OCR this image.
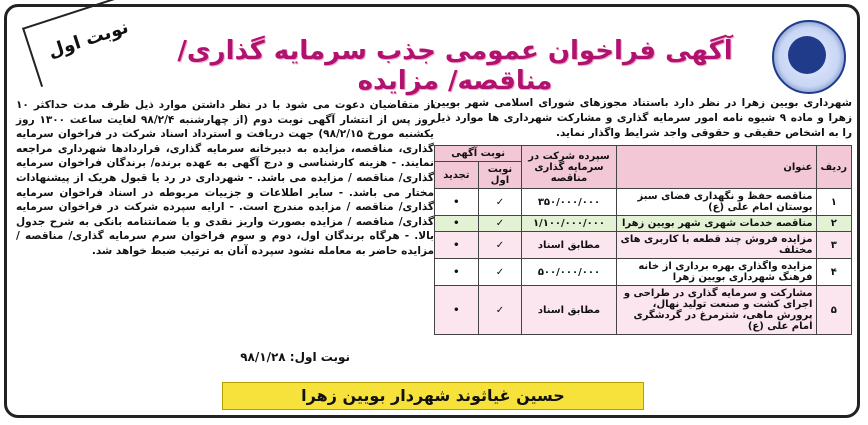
آگهی فراخوان عمومی جذب سرمایه گذاری/ مناقصه/ مزایده
نوبت اول
شهرداری بویین زهرا در نظر دارد باستناد مجوزهای شورای اسلامی شهر بویین زهرا و ماده ۹ شیوه نامه امور سرمایه گذاری و مشارکت شهرداری ها موارد ذیل را به اشخاص حقیقی و حقوقی واجد شرایط واگذار نماید.
ردیف	عنوان	سپرده شرکت در سرمایه گذاری مناقصه	نوبت آگهی	
			نوبت اول	تجدید
۱	مناقصه حفظ و نگهداری فضای سبز بوستان امام علی (ع)	۳۵۰/۰۰۰/۰۰۰	✓	•
۲	مناقصه خدمات شهری شهر بویین زهرا	۱/۱۰۰/۰۰۰/۰۰۰	✓	•
۳	مزایده فروش چند قطعه با کاربری های مختلف	مطابق اسناد	✓	•
۴	مزایده واگذاری بهره برداری از خانه فرهنگ شهرداری بویین زهرا	۵۰۰/۰۰۰/۰۰۰	✓	•
۵	مشارکت و سرمایه گذاری در طراحی و اجرای کشت و صنعت تولید نهال، پرورش ماهی، شترمرغ در گردشگری امام علی (ع)	مطابق اسناد	✓	•
از متقاضیان دعوت می شود با در نظر داشتن موارد ذیل ظرف مدت حداکثر ۱۰ روز پس از انتشار آگهی نوبت دوم (از چهارشنبه ۹۸/۲/۴ لغایت ساعت ۱۳۰۰ روز یکشنبه مورخ ۹۸/۲/۱۵) جهت دریافت و استرداد اسناد شرکت در فراخوان سرمایه گذاری، مناقصه، مزایده به دبیرخانه سرمایه گذاری، قراردادها شهرداری مراجعه نمایند. - هزینه کارشناسی و درج آگهی به عهده برنده/ برندگان فراخوان سرمایه گذاری/ مناقصه / مزایده می باشد. - شهرداری در رد یا قبول هریک از پیشنهادات مختار می باشد. - سایر اطلاعات و جزییات مربوطه در اسناد فراخوان سرمایه گذاری/ مناقصه / مزایده مندرج است. - ارایه سپرده شرکت در فراخوان سرمایه گذاری/ مناقصه / مزایده بصورت واریز نقدی و یا ضمانتنامه بانکی به شرح جدول بالا. - هرگاه برندگان اول، دوم و سوم فراخوان سرم سرمایه گذاری/ مناقصه / مزایده حاضر به معامله نشود سپرده آنان به ترتیب ضبط خواهد شد.
نوبت اول: ۹۸/۱/۲۸
حسین غیاثوند شهردار بویین زهرا
